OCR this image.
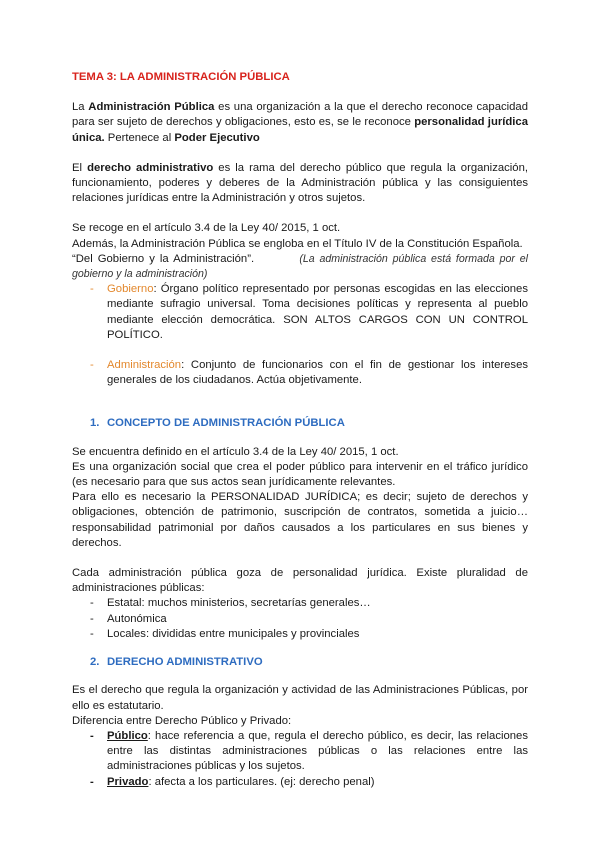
TEMA 3: LA ADMINISTRACIÓN PÚBLICA

La Administración Pública es una organización a la que el derecho reconoce capacidad para ser sujeto de derechos y obligaciones, esto es, se le reconoce personalidad jurídica única. Pertenece al Poder Ejecutivo

El derecho administrativo es la rama del derecho público que regula la organización, funcionamiento, poderes y deberes de la Administración pública y las consiguientes relaciones jurídicas entre la Administración y otros sujetos.

Se recoge en el artículo 3.4 de la Ley 40/ 2015, 1 oct.

Además, la Administración Pública se engloba en el Título IV de la Constitución Española.

“Del Gobierno y la Administración”.	(La administración pública está formada por el gobierno y la administración)

- Gobierno: Órgano político representado por personas escogidas en las elecciones mediante sufragio universal. Toma decisiones políticas y representa al pueblo mediante elección democrática. SON ALTOS CARGOS CON UN CONTROL POLÍTICO.
- Administración: Conjunto de funcionarios con el fin de gestionar los intereses generales de los ciudadanos. Actúa objetivamente.

1. CONCEPTO DE ADMINISTRACIÓN PÚBLICA

Se encuentra definido en el artículo 3.4 de la Ley 40/ 2015, 1 oct.

Es una organización social que crea el poder público para intervenir en el tráfico jurídico (es necesario para que sus actos sean jurídicamente relevantes.

Para ello es necesario la PERSONALIDAD JURÍDICA; es decir; sujeto de derechos y obligaciones, obtención de patrimonio, suscripción de contratos, sometida a juicio… responsabilidad patrimonial por daños causados a los particulares en sus bienes y derechos.

Cada administración pública goza de personalidad jurídica. Existe pluralidad de administraciones públicas:

- Estatal: muchos ministerios, secretarías generales…
- Autonómica
- Locales: divididas entre municipales y provinciales

2. DERECHO ADMINISTRATIVO

Es el derecho que regula la organización y actividad de las Administraciones Públicas, por ello es estatutario.

Diferencia entre Derecho Público y Privado:

- Público: hace referencia a que, regula el derecho público, es decir, las relaciones entre las distintas administraciones públicas o las relaciones entre las administraciones públicas y los sujetos.
- Privado: afecta a los particulares. (ej: derecho penal)
